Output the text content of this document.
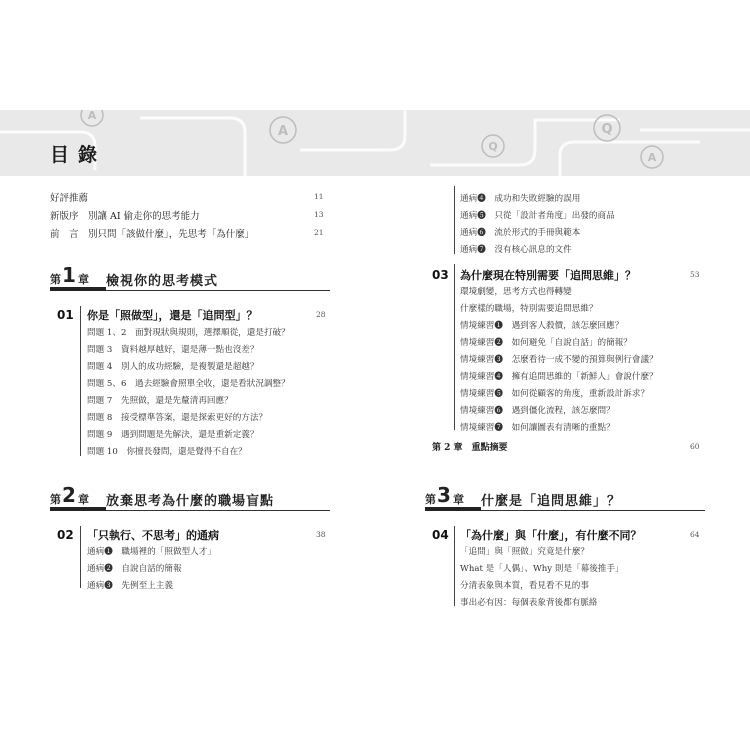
A
A
Q
Q
A
目錄
好評推薦	11
新版序　別讓 AI 偷走你的思考能力	13
前　言　別只問「該做什麼」，先思考「為什麼」	21
第 1 章 檢視你的思考模式
01 你是「照做型」，還是「追問型」？	28
問題 1、2　面對現狀與規則，選擇順從，還是打破？
問題 3　資料越厚越好，還是薄一點也沒差？
問題 4　別人的成功經驗，是複製還是超越？
問題 5、6　過去經驗會照單全收，還是看狀況調整？
問題 7　先照做，還是先釐清再回應？
問題 8　接受標準答案，還是探索更好的方法？
問題 9　遇到問題是先解決，還是重新定義？
問題 10　你擅長發問，還是覺得不自在？
第 2 章 放棄思考為什麼的職場盲點
02 「只執行、不思考」的通病	38
通病❶　職場裡的「照做型人才」
通病❷　自說自話的簡報
通病❸　先例至上主義
通病❹　成功和失敗經驗的誤用
通病❺　只從「設計者角度」出發的商品
通病❻　流於形式的手冊與範本
通病❼　沒有核心訊息的文件
03 為什麼現在特別需要「追問思維」？	53
環境劇變，思考方式也得轉變
什麼樣的職場，特別需要追問思維？
情境練習❶　遇到客人殺價，該怎麼回應？
情境練習❷　如何避免「自說自話」的簡報？
情境練習❸　怎麼看待一成不變的預算與例行會議？
情境練習❹　擁有追問思維的「新鮮人」會說什麼？
情境練習❺　如何從顧客的角度，重新設計訴求？
情境練習❻　遇到僵化流程，該怎麼問？
情境練習❼　如何讓圖表有清晰的重點？
第 2 章　重點摘要	60
第 3 章 什麼是「追問思維」？
04 「為什麼」與「什麼」，有什麼不同？	64
「追問」與「照做」究竟是什麼？
What 是「人偶」、Why 則是「幕後推手」
分清表象與本質，看見看不見的事
事出必有因：每個表象背後都有脈絡
